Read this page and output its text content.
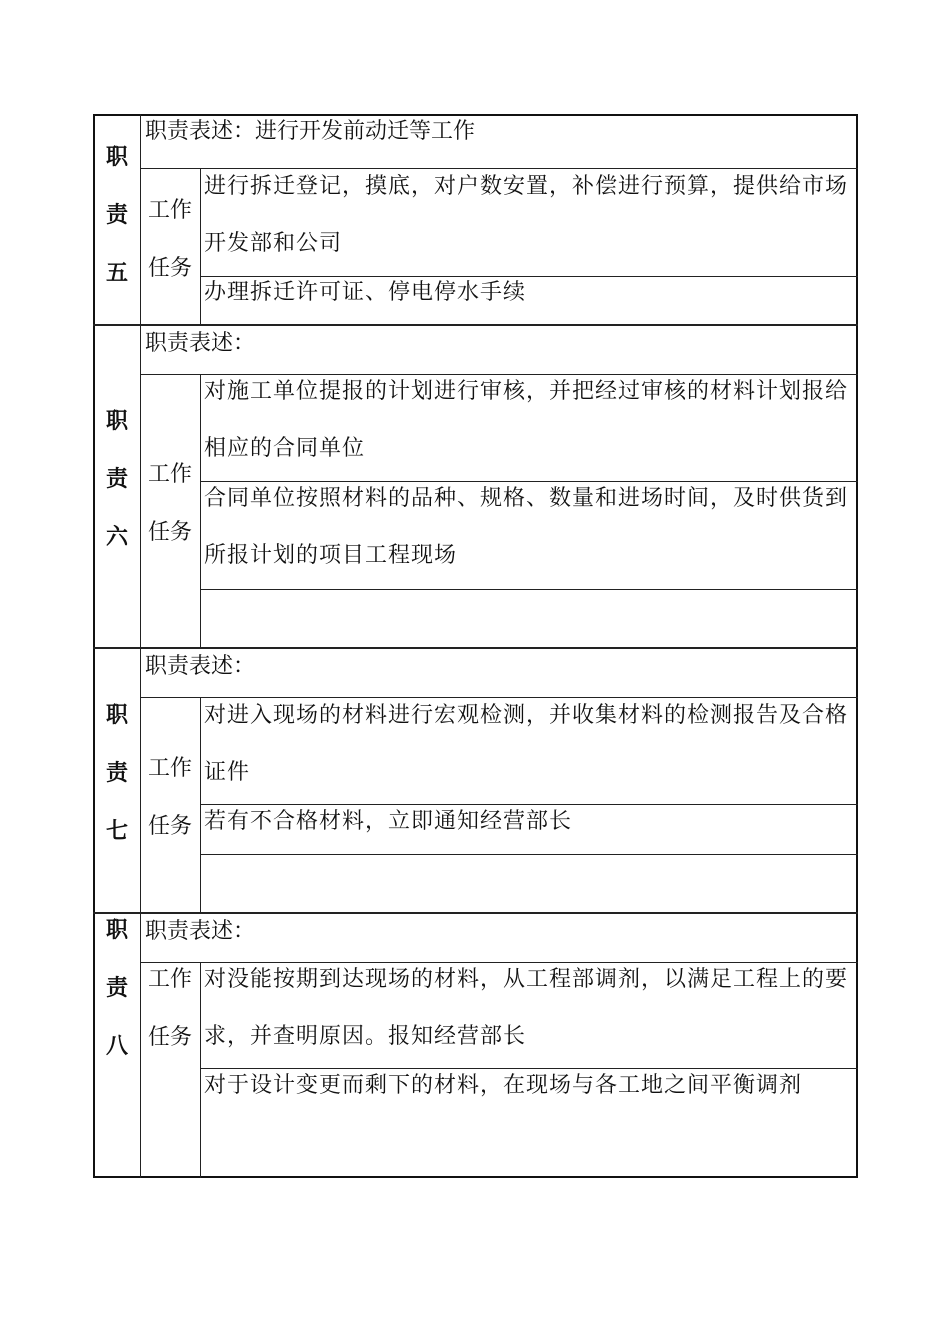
职
责
五
职责表述：进行开发前动迁等工作
工作
任务
进行拆迁登记，摸底，对户数安置，补偿进行预算，提供给市场开发部和公司
办理拆迁许可证、停电停水手续
职
责
六
职责表述：
工作
任务
对施工单位提报的计划进行审核，并把经过审核的材料计划报给相应的合同单位
合同单位按照材料的品种、规格、数量和进场时间，及时供货到所报计划的项目工程现场
职
责
七
职责表述：
工作
任务
对进入现场的材料进行宏观检测，并收集材料的检测报告及合格证件
若有不合格材料，立即通知经营部长
职
责
八
职责表述：
工作
任务
对没能按期到达现场的材料，从工程部调剂，以满足工程上的要求，并查明原因。报知经营部长
对于设计变更而剩下的材料，在现场与各工地之间平衡调剂
